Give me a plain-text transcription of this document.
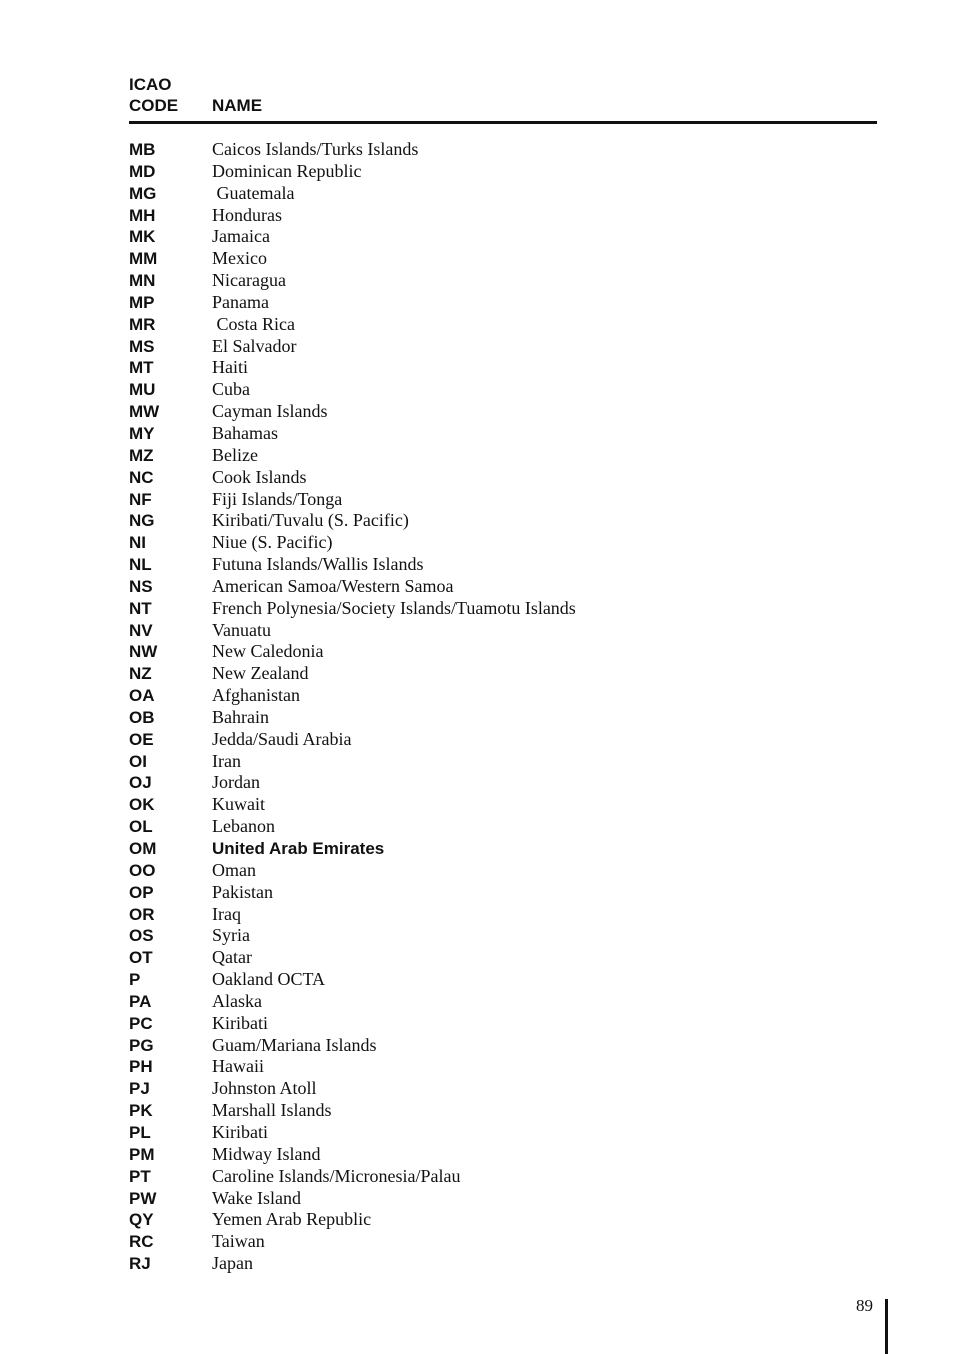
ICAO
CODE NAME
MB	Caicos Islands/Turks Islands
MD	Dominican Republic
MG	Guatemala
MH	Honduras
MK	Jamaica
MM	Mexico
MN	Nicaragua
MP	Panama
MR	Costa Rica
MS	El Salvador
MT	Haiti
MU	Cuba
MW	Cayman Islands
MY	Bahamas
MZ	Belize
NC	Cook Islands
NF	Fiji Islands/Tonga
NG	Kiribati/Tuvalu (S. Pacific)
NI	Niue (S. Pacific)
NL	Futuna Islands/Wallis Islands
NS	American Samoa/Western Samoa
NT	French Polynesia/Society Islands/Tuamotu Islands
NV	Vanuatu
NW	New Caledonia
NZ	New Zealand
OA	Afghanistan
OB	Bahrain
OE	Jedda/Saudi Arabia
OI	Iran
OJ	Jordan
OK	Kuwait
OL	Lebanon
OM	United Arab Emirates
OO	Oman
OP	Pakistan
OR	Iraq
OS	Syria
OT	Qatar
P	Oakland OCTA
PA	Alaska
PC	Kiribati
PG	Guam/Mariana Islands
PH	Hawaii
PJ	Johnston Atoll
PK	Marshall Islands
PL	Kiribati
PM	Midway Island
PT	Caroline Islands/Micronesia/Palau
PW	Wake Island
QY	Yemen Arab Republic
RC	Taiwan
RJ	Japan
89
